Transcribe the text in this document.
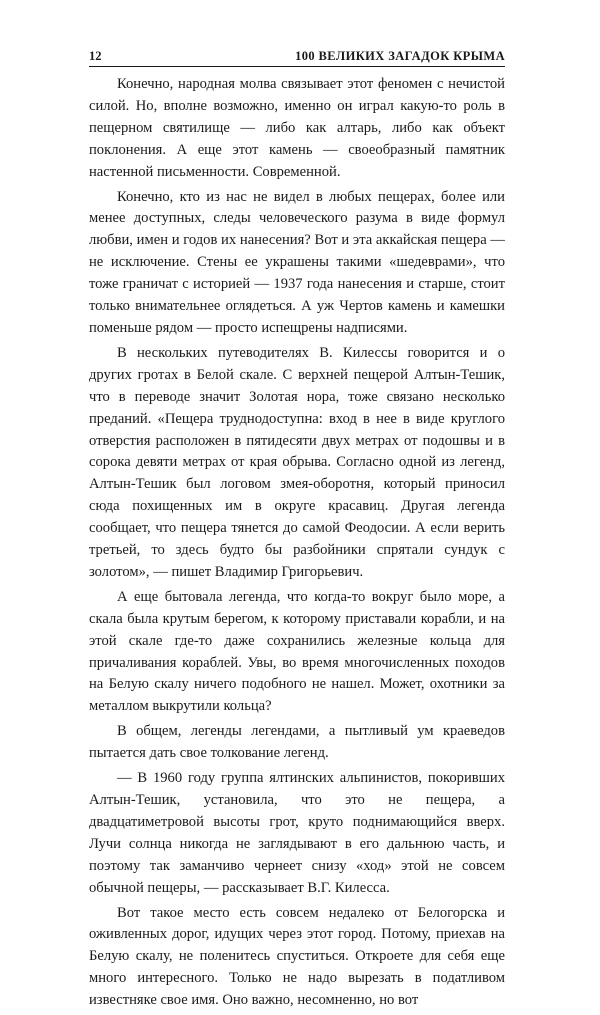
12	100 ВЕЛИКИХ ЗАГАДОК КРЫМА

Конечно, народная молва связывает этот феномен с нечистой силой. Но, вполне возможно, именно он играл какую-то роль в пещерном святилище — либо как алтарь, либо как объект поклонения. А еще этот камень — своеобразный памятник настенной письменности. Современной.

Конечно, кто из нас не видел в любых пещерах, более или менее доступных, следы человеческого разума в виде формул любви, имен и годов их нанесения? Вот и эта аккайская пещера — не исключение. Стены ее украшены такими «шедеврами», что тоже граничат с историей — 1937 года нанесения и старше, стоит только внимательнее оглядеться. А уж Чертов камень и камешки поменьше рядом — просто испещрены надписями.

В нескольких путеводителях В. Килессы говорится и о других гротах в Белой скале. С верхней пещерой Алтын-Тешик, что в переводе значит Золотая нора, тоже связано несколько преданий. «Пещера труднодоступна: вход в нее в виде круглого отверстия расположен в пятидесяти двух метрах от подошвы и в сорока девяти метрах от края обрыва. Согласно одной из легенд, Алтын-Тешик был логовом змея-оборотня, который приносил сюда похищенных им в округе красавиц. Другая легенда сообщает, что пещера тянется до самой Феодосии. А если верить третьей, то здесь будто бы разбойники спрятали сундук с золотом», — пишет Владимир Григорьевич.

А еще бытовала легенда, что когда-то вокруг было море, а скала была крутым берегом, к которому приставали корабли, и на этой скале где-то даже сохранились железные кольца для причаливания кораблей. Увы, во время многочисленных походов на Белую скалу ничего подобного не нашел. Может, охотники за металлом выкрутили кольца?

В общем, легенды легендами, а пытливый ум краеведов пытается дать свое толкование легенд.

— В 1960 году группа ялтинских альпинистов, покоривших Алтын-Тешик, установила, что это не пещера, а двадцатиметровой высоты грот, круто поднимающийся вверх. Лучи солнца никогда не заглядывают в его дальнюю часть, и поэтому так заманчиво чернеет снизу «ход» этой не совсем обычной пещеры, — рассказывает В.Г. Килесса.

Вот такое место есть совсем недалеко от Белогорска и оживленных дорог, идущих через этот город. Потому, приехав на Белую скалу, не поленитесь спуститься. Откроете для себя еще много интересного. Только не надо вырезать в податливом известняке свое имя. Оно важно, несомненно, но вот
